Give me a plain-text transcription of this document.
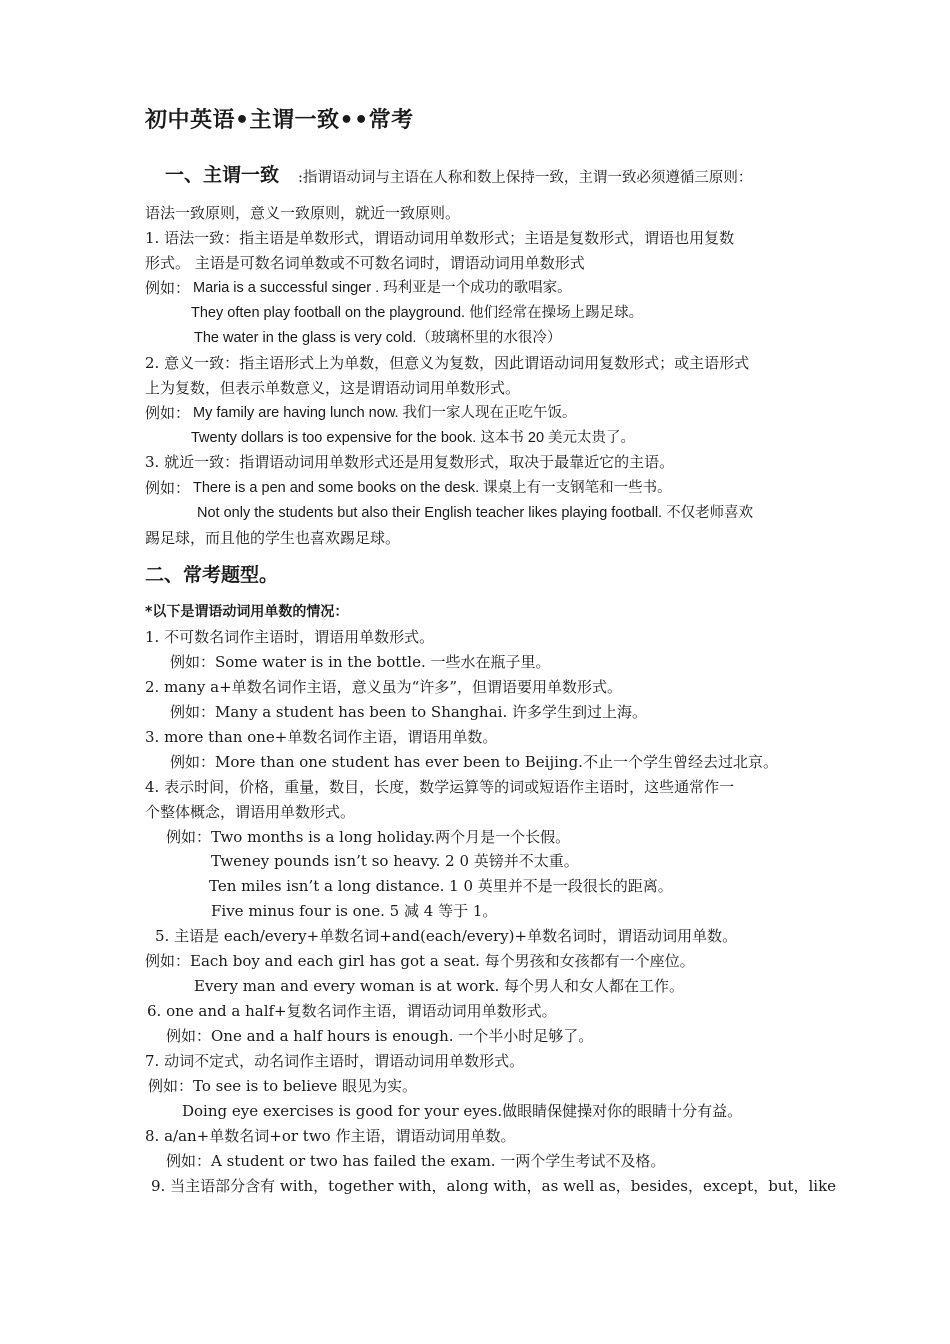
初中英语•主谓一致••常考
一、主谓一致 :指谓语动词与主语在人称和数上保持一致，主谓一致必须遵循三原则：
语法一致原则，意义一致原则，就近一致原则。
1. 语法一致：指主语是单数形式，谓语动词用单数形式；主语是复数形式，谓语也用复数
形式。 主语是可数名词单数或不可数名词时，谓语动词用单数形式
例如： Maria is a successful singer . 玛利亚是一个成功的歌唱家。
They often play football on the playground. 他们经常在操场上踢足球。
The water in the glass is very cold.（玻璃杯里的水很冷）
2. 意义一致：指主语形式上为单数，但意义为复数，因此谓语动词用复数形式；或主语形式
上为复数，但表示单数意义，这是谓语动词用单数形式。
例如： My family are having lunch now. 我们一家人现在正吃午饭。
Twenty dollars is too expensive for the book. 这本书 20 美元太贵了。
3. 就近一致：指谓语动词用单数形式还是用复数形式，取决于最靠近它的主语。
例如： There is a pen and some books on the desk. 课桌上有一支钢笔和一些书。
Not only the students but also their English teacher likes playing football. 不仅老师喜欢
踢足球，而且他的学生也喜欢踢足球。
二、常考题型。
*以下是谓语动词用单数的情况：
1. 不可数名词作主语时，谓语用单数形式。
例如：Some water is in the bottle. 一些水在瓶子里。
2. many a+单数名词作主语，意义虽为“许多”，但谓语要用单数形式。
例如：Many a student has been to Shanghai. 许多学生到过上海。
3. more than one+单数名词作主语，谓语用单数。
例如：More than one student has ever been to Beijing.不止一个学生曾经去过北京。
4. 表示时间，价格，重量，数目，长度，数学运算等的词或短语作主语时，这些通常作一
个整体概念，谓语用单数形式。
例如：Two months is a long holiday.两个月是一个长假。
Tweney pounds isn’t so heavy. 2 0 英镑并不太重。
Ten miles isn’t a long distance. 1 0 英里并不是一段很长的距离。
Five minus four is one. 5 减 4 等于 1。
5. 主语是 each/every+单数名词+and(each/every)+单数名词时，谓语动词用单数。
例如：Each boy and each girl has got a seat. 每个男孩和女孩都有一个座位。
Every man and every woman is at work. 每个男人和女人都在工作。
6. one and a half+复数名词作主语，谓语动词用单数形式。
例如：One and a half hours is enough. 一个半小时足够了。
7. 动词不定式，动名词作主语时，谓语动词用单数形式。
例如：To see is to believe 眼见为实。
Doing eye exercises is good for your eyes.做眼睛保健操对你的眼睛十分有益。
8. a/an+单数名词+or two 作主语，谓语动词用单数。
例如：A student or two has failed the exam. 一两个学生考试不及格。
9. 当主语部分含有 with，together with，along with，as well as，besides，except，but，like
